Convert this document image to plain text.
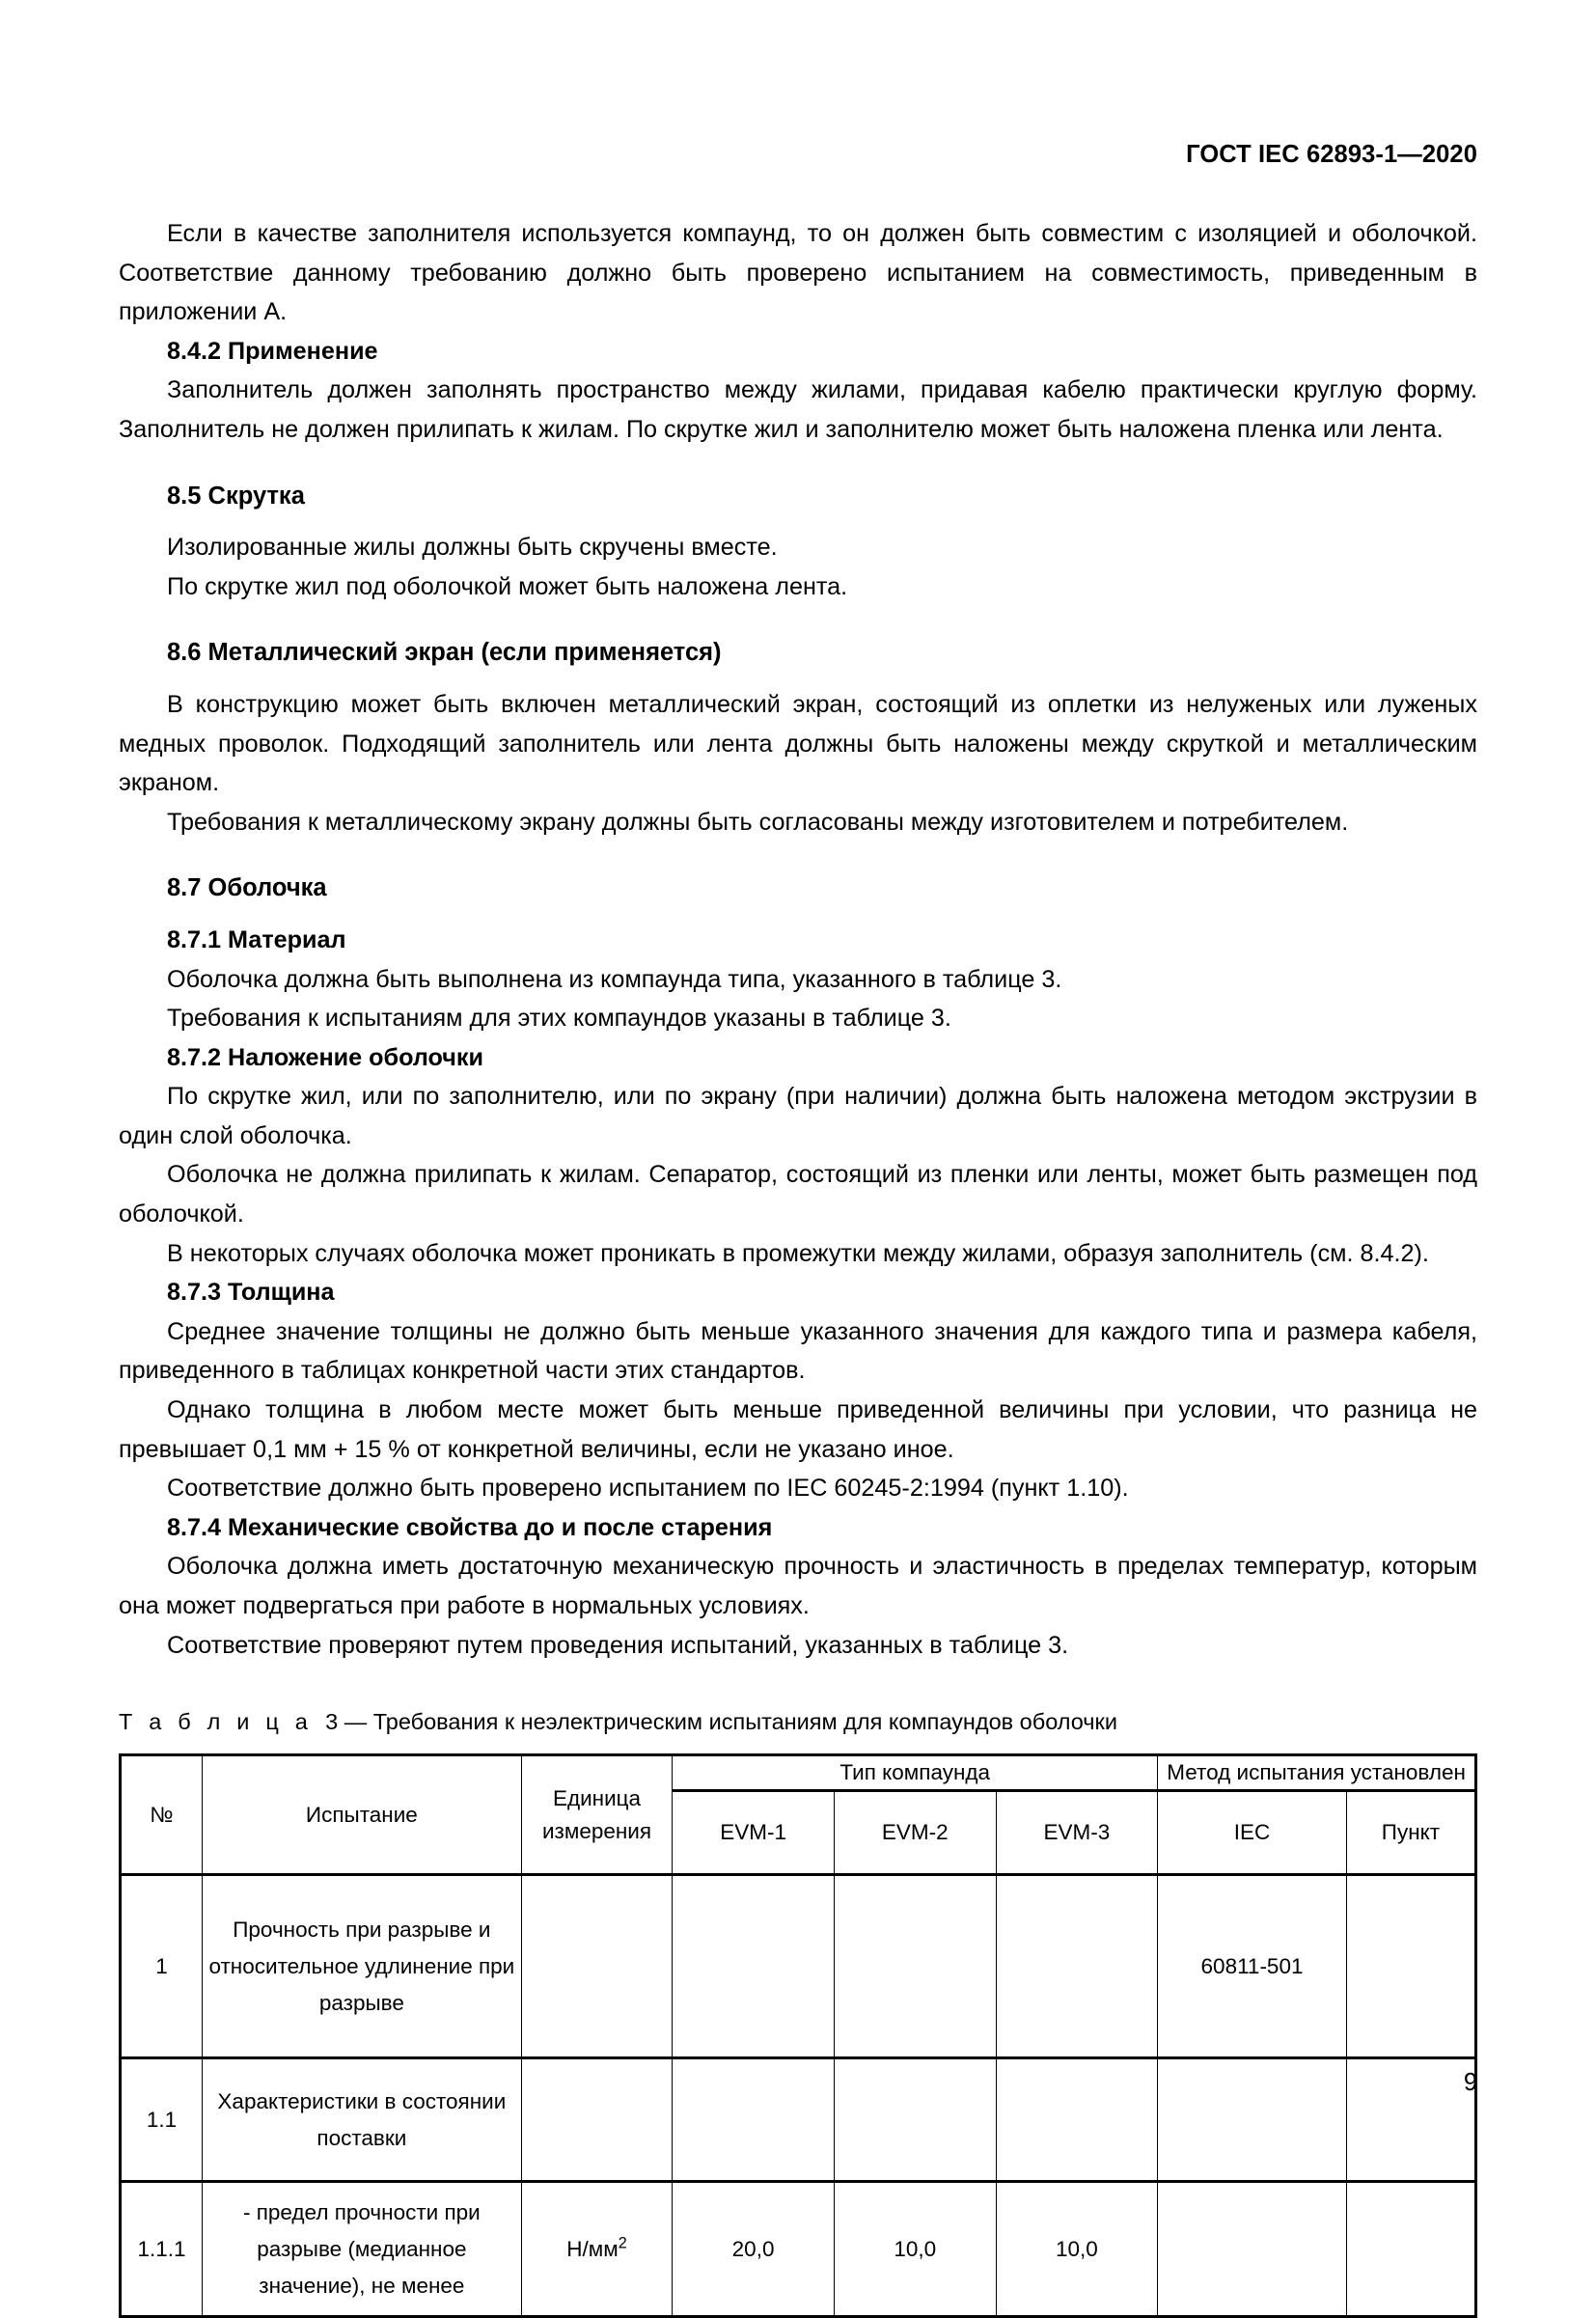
ГОСТ IEC 62893-1—2020

Если в качестве заполнителя используется компаунд, то он должен быть совместим с изоляцией и оболочкой. Соответствие данному требованию должно быть проверено испытанием на совместимость, приведенным в приложении А.

8.4.2 Применение

Заполнитель должен заполнять пространство между жилами, придавая кабелю практически круглую форму. Заполнитель не должен прилипать к жилам. По скрутке жил и заполнителю может быть наложена пленка или лента.

8.5 Скрутка

Изолированные жилы должны быть скручены вместе.

По скрутке жил под оболочкой может быть наложена лента.

8.6 Металлический экран (если применяется)

В конструкцию может быть включен металлический экран, состоящий из оплетки из нелуженых или луженых медных проволок. Подходящий заполнитель или лента должны быть наложены между скруткой и металлическим экраном.

Требования к металлическому экрану должны быть согласованы между изготовителем и потребителем.

8.7 Оболочка
8.7.1 Материал

Оболочка должна быть выполнена из компаунда типа, указанного в таблице 3.

Требования к испытаниям для этих компаундов указаны в таблице 3.

8.7.2 Наложение оболочки

По скрутке жил, или по заполнителю, или по экрану (при наличии) должна быть наложена методом экструзии в один слой оболочка.

Оболочка не должна прилипать к жилам. Сепаратор, состоящий из пленки или ленты, может быть размещен под оболочкой.

В некоторых случаях оболочка может проникать в промежутки между жилами, образуя заполнитель (см. 8.4.2).

8.7.3 Толщина

Среднее значение толщины не должно быть меньше указанного значения для каждого типа и размера кабеля, приведенного в таблицах конкретной части этих стандартов.

Однако толщина в любом месте может быть меньше приведенной величины при условии, что разница не превышает 0,1 мм + 15 % от конкретной величины, если не указано иное.

Соответствие должно быть проверено испытанием по IEC 60245-2:1994 (пункт 1.10).

8.7.4 Механические свойства до и после старения

Оболочка должна иметь достаточную механическую прочность и эластичность в пределах температур, которым она может подвергаться при работе в нормальных условиях.

Соответствие проверяют путем проведения испытаний, указанных в таблице 3.

Т а б л и ц а 3 — Требования к неэлектрическим испытаниям для компаундов оболочки
№	Испытание	Единица измерения	Тип компаунда			Метод испытания установлен	
			EVM-1	EVM-2	EVM-3	IEC	Пункт
1	Прочность при разрыве и относительное удлинение при разрыве					60811-501	
1.1	Характеристики в состоянии поставки						
1.1.1	- предел прочности при разрыве (медианное значение), не менее	$Н/мм^2$	20,0	10,0	10,0		
9
